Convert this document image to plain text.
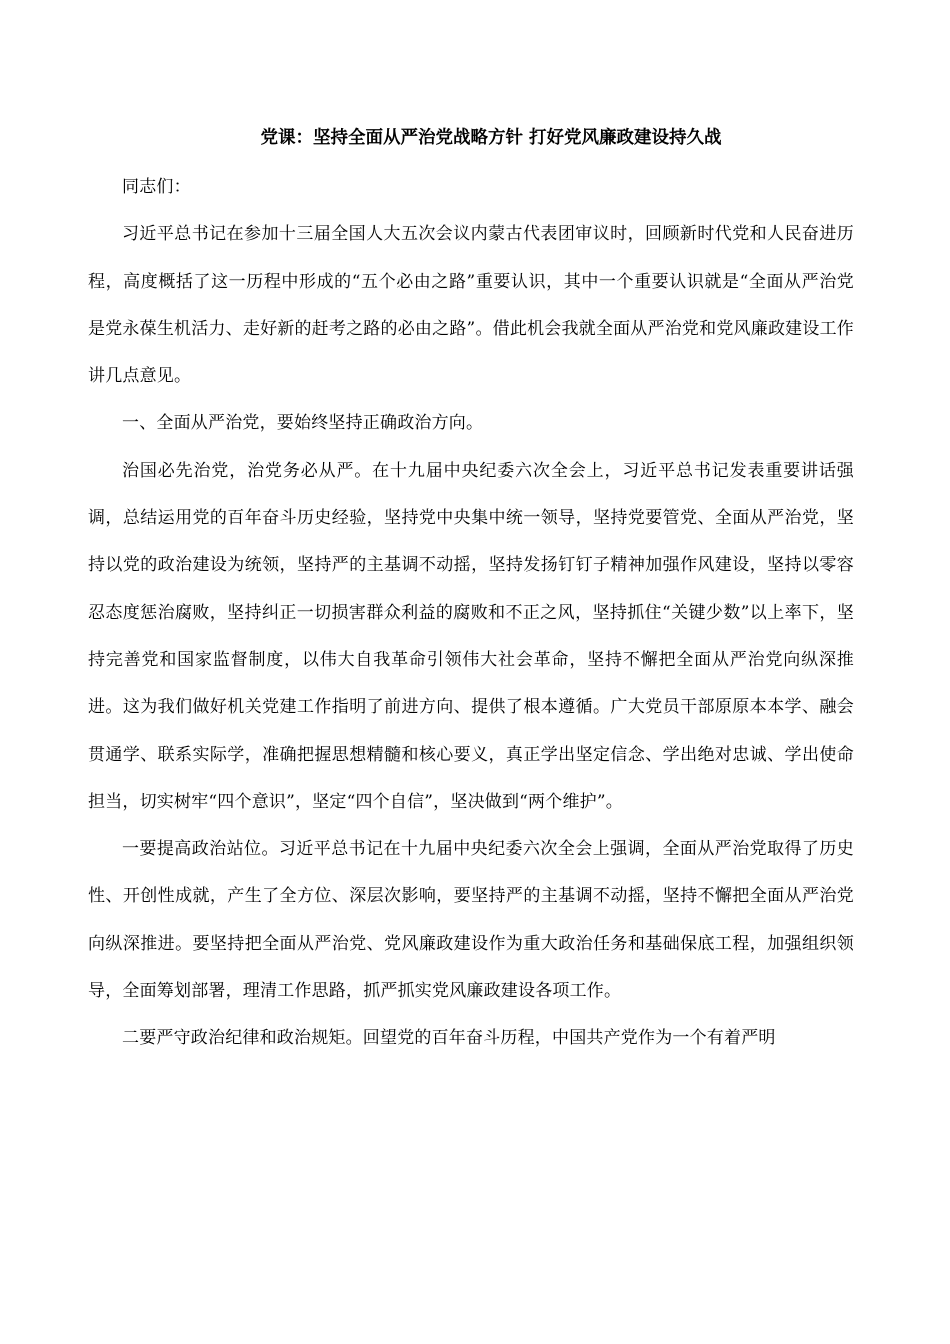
党课：坚持全面从严治党战略方针 打好党风廉政建设持久战

同志们：

习近平总书记在参加十三届全国人大五次会议内蒙古代表团审议时，回顾新时代党和人民奋进历程，高度概括了这一历程中形成的“五个必由之路”重要认识，其中一个重要认识就是“全面从严治党是党永葆生机活力、走好新的赶考之路的必由之路”。借此机会我就全面从严治党和党风廉政建设工作讲几点意见。

一、全面从严治党，要始终坚持正确政治方向。

治国必先治党，治党务必从严。在十九届中央纪委六次全会上，习近平总书记发表重要讲话强调，总结运用党的百年奋斗历史经验，坚持党中央集中统一领导，坚持党要管党、全面从严治党，坚持以党的政治建设为统领，坚持严的主基调不动摇，坚持发扬钉钉子精神加强作风建设，坚持以零容忍态度惩治腐败，坚持纠正一切损害群众利益的腐败和不正之风，坚持抓住“关键少数”以上率下，坚持完善党和国家监督制度，以伟大自我革命引领伟大社会革命，坚持不懈把全面从严治党向纵深推进。这为我们做好机关党建工作指明了前进方向、提供了根本遵循。广大党员干部原原本本学、融会贯通学、联系实际学，准确把握思想精髓和核心要义，真正学出坚定信念、学出绝对忠诚、学出使命担当，切实树牢“四个意识”，坚定“四个自信”，坚决做到“两个维护”。

一要提高政治站位。习近平总书记在十九届中央纪委六次全会上强调，全面从严治党取得了历史性、开创性成就，产生了全方位、深层次影响，要坚持严的主基调不动摇，坚持不懈把全面从严治党向纵深推进。要坚持把全面从严治党、党风廉政建设作为重大政治任务和基础保底工程，加强组织领导，全面筹划部署，理清工作思路，抓严抓实党风廉政建设各项工作。

二要严守政治纪律和政治规矩。回望党的百年奋斗历程，中国共产党作为一个有着严明
